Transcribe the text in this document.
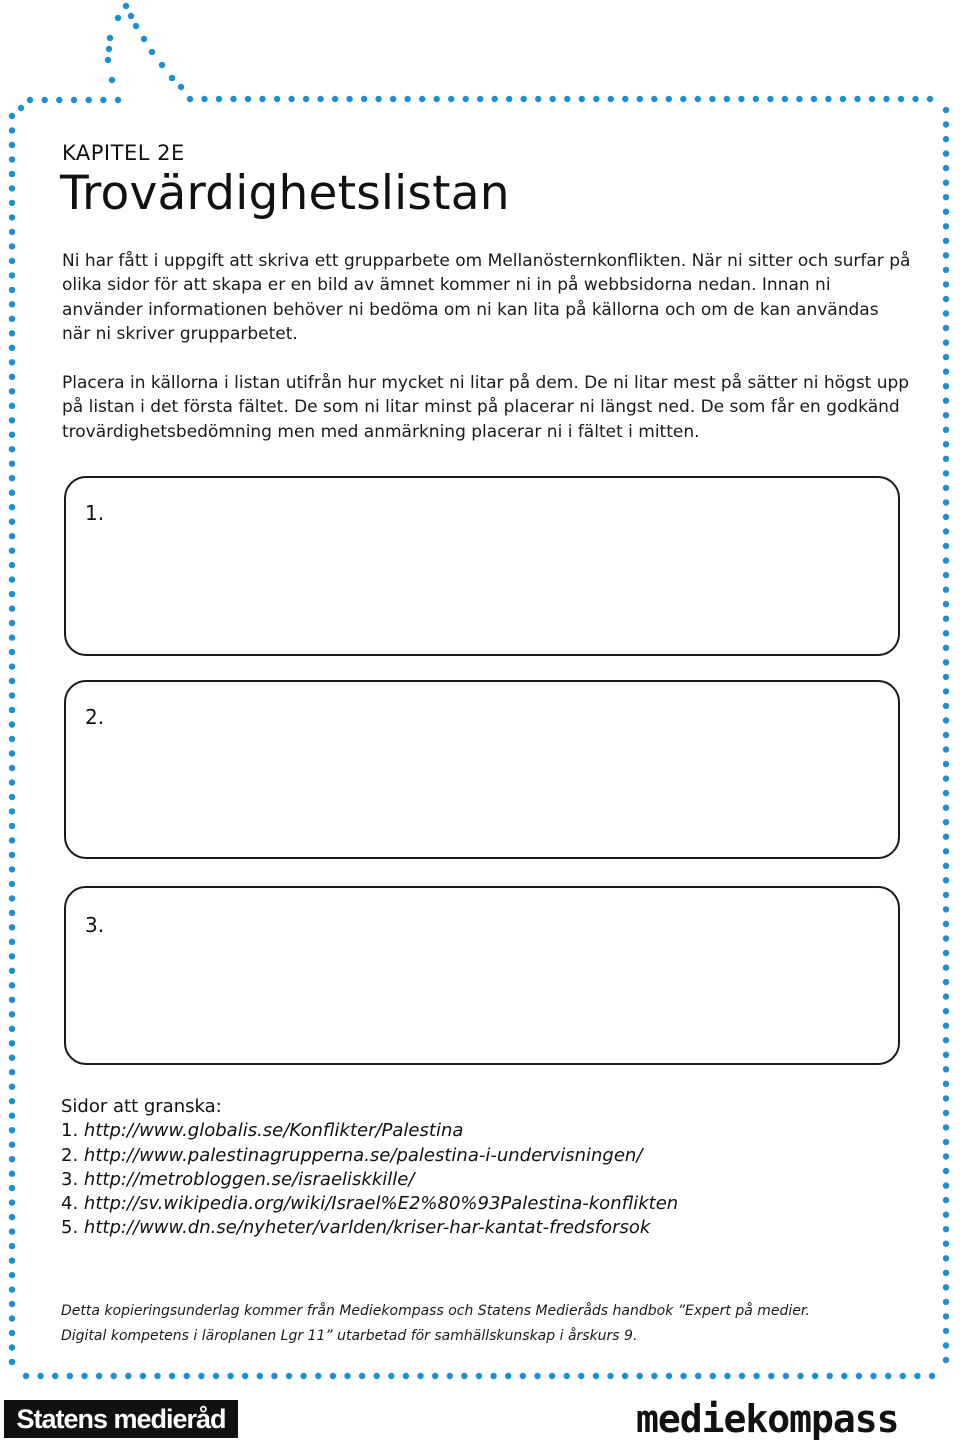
KAPITEL 2E
Trovärdighetslistan

Ni har fått i uppgift att skriva ett grupparbete om Mellanösternkonflikten. När ni sitter och surfar på olika sidor för att skapa er en bild av ämnet kommer ni in på webbsidorna nedan. Innan ni använder informationen behöver ni bedöma om ni kan lita på källorna och om de kan användas när ni skriver grupparbetet.

Placera in källorna i listan utifrån hur mycket ni litar på dem. De ni litar mest på sätter ni högst upp på listan i det första fältet. De som ni litar minst på placerar ni längst ned. De som får en godkänd trovärdighetsbedömning men med anmärkning placerar ni i fältet i mitten.

1.
2.
3.
Sidor att granska:
1. http://www.globalis.se/Konflikter/Palestina
2. http://www.palestinagrupperna.se/palestina-i-undervisningen/
3. http://metrobloggen.se/israeliskkille/
4. http://sv.wikipedia.org/wiki/Israel%E2%80%93Palestina-konflikten
5. http://www.dn.se/nyheter/varlden/kriser-har-kantat-fredsforsok
Detta kopieringsunderlag kommer från Mediekompass och Statens Medieråds handbok ”Expert på medier.
Digital kompetens i läroplanen Lgr 11” utarbetad för samhällskunskap i årskurs 9.
Statens medieråd	mediekompass
